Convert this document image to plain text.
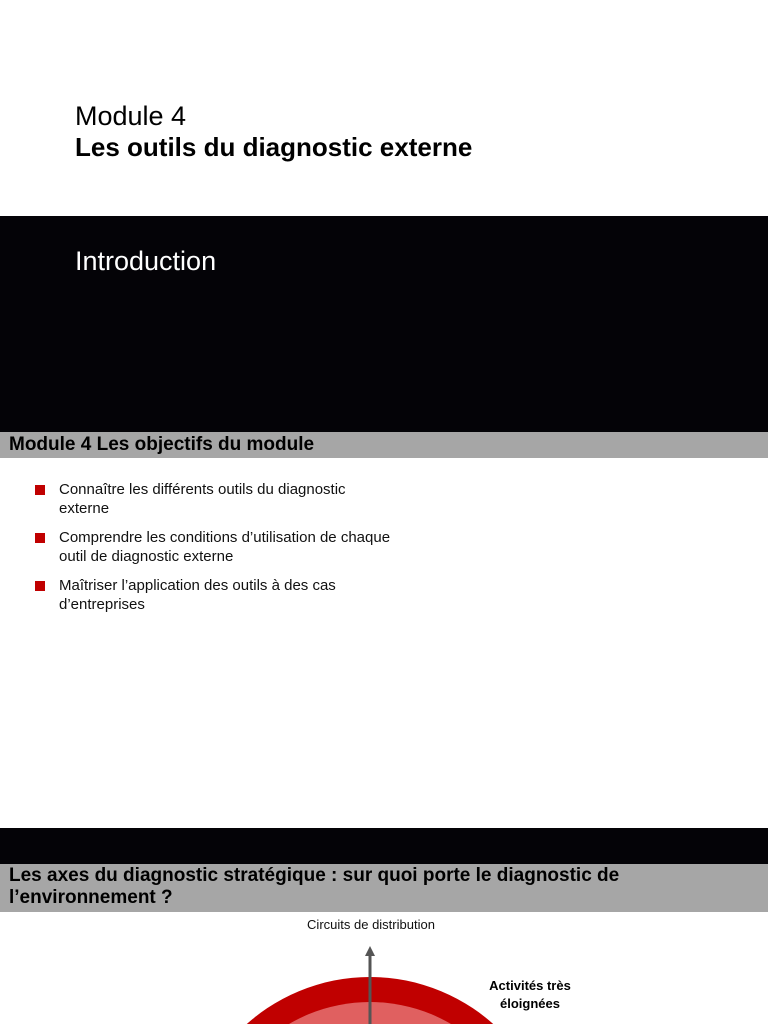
Module 4
Les outils du diagnostic externe
Introduction
Module 4 Les objectifs du module
Connaître les différents outils du diagnostic externe
Comprendre les conditions d’utilisation de chaque outil de diagnostic externe
Maîtriser l’application des outils à des cas d’entreprises
Les axes du diagnostic stratégique : sur quoi porte le diagnostic de l’environnement ?
Circuits de distribution
Activités très éloignées
